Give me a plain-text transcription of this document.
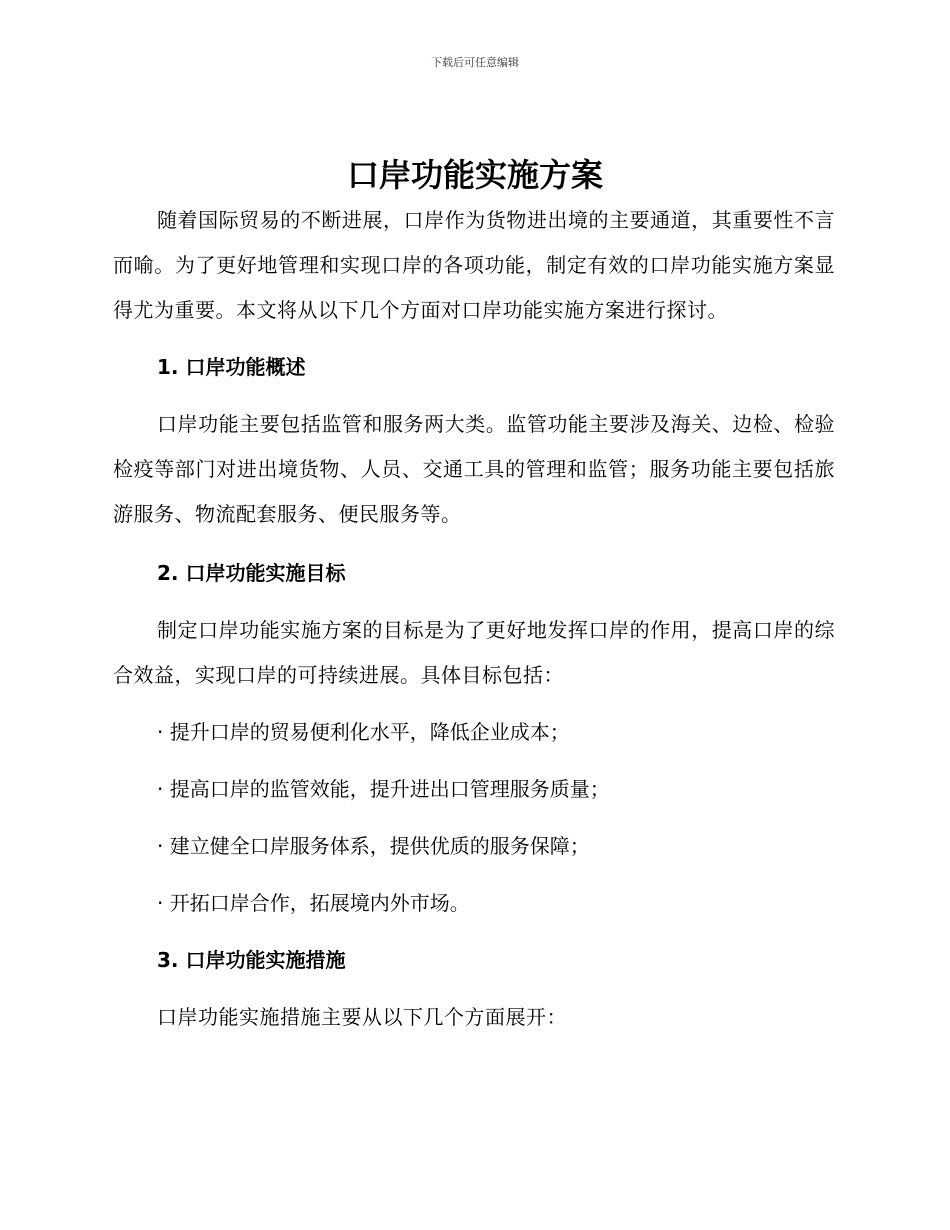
下载后可任意编辑
口岸功能实施方案

随着国际贸易的不断进展，口岸作为货物进出境的主要通道，其重要性不言而喻。为了更好地管理和实现口岸的各项功能，制定有效的口岸功能实施方案显得尤为重要。本文将从以下几个方面对口岸功能实施方案进行探讨。

1. 口岸功能概述

口岸功能主要包括监管和服务两大类。监管功能主要涉及海关、边检、检验检疫等部门对进出境货物、人员、交通工具的管理和监管；服务功能主要包括旅游服务、物流配套服务、便民服务等。

2. 口岸功能实施目标

制定口岸功能实施方案的目标是为了更好地发挥口岸的作用，提高口岸的综合效益，实现口岸的可持续进展。具体目标包括：

· 提升口岸的贸易便利化水平，降低企业成本；

· 提高口岸的监管效能，提升进出口管理服务质量；

· 建立健全口岸服务体系，提供优质的服务保障；

· 开拓口岸合作，拓展境内外市场。

3. 口岸功能实施措施

口岸功能实施措施主要从以下几个方面展开：
